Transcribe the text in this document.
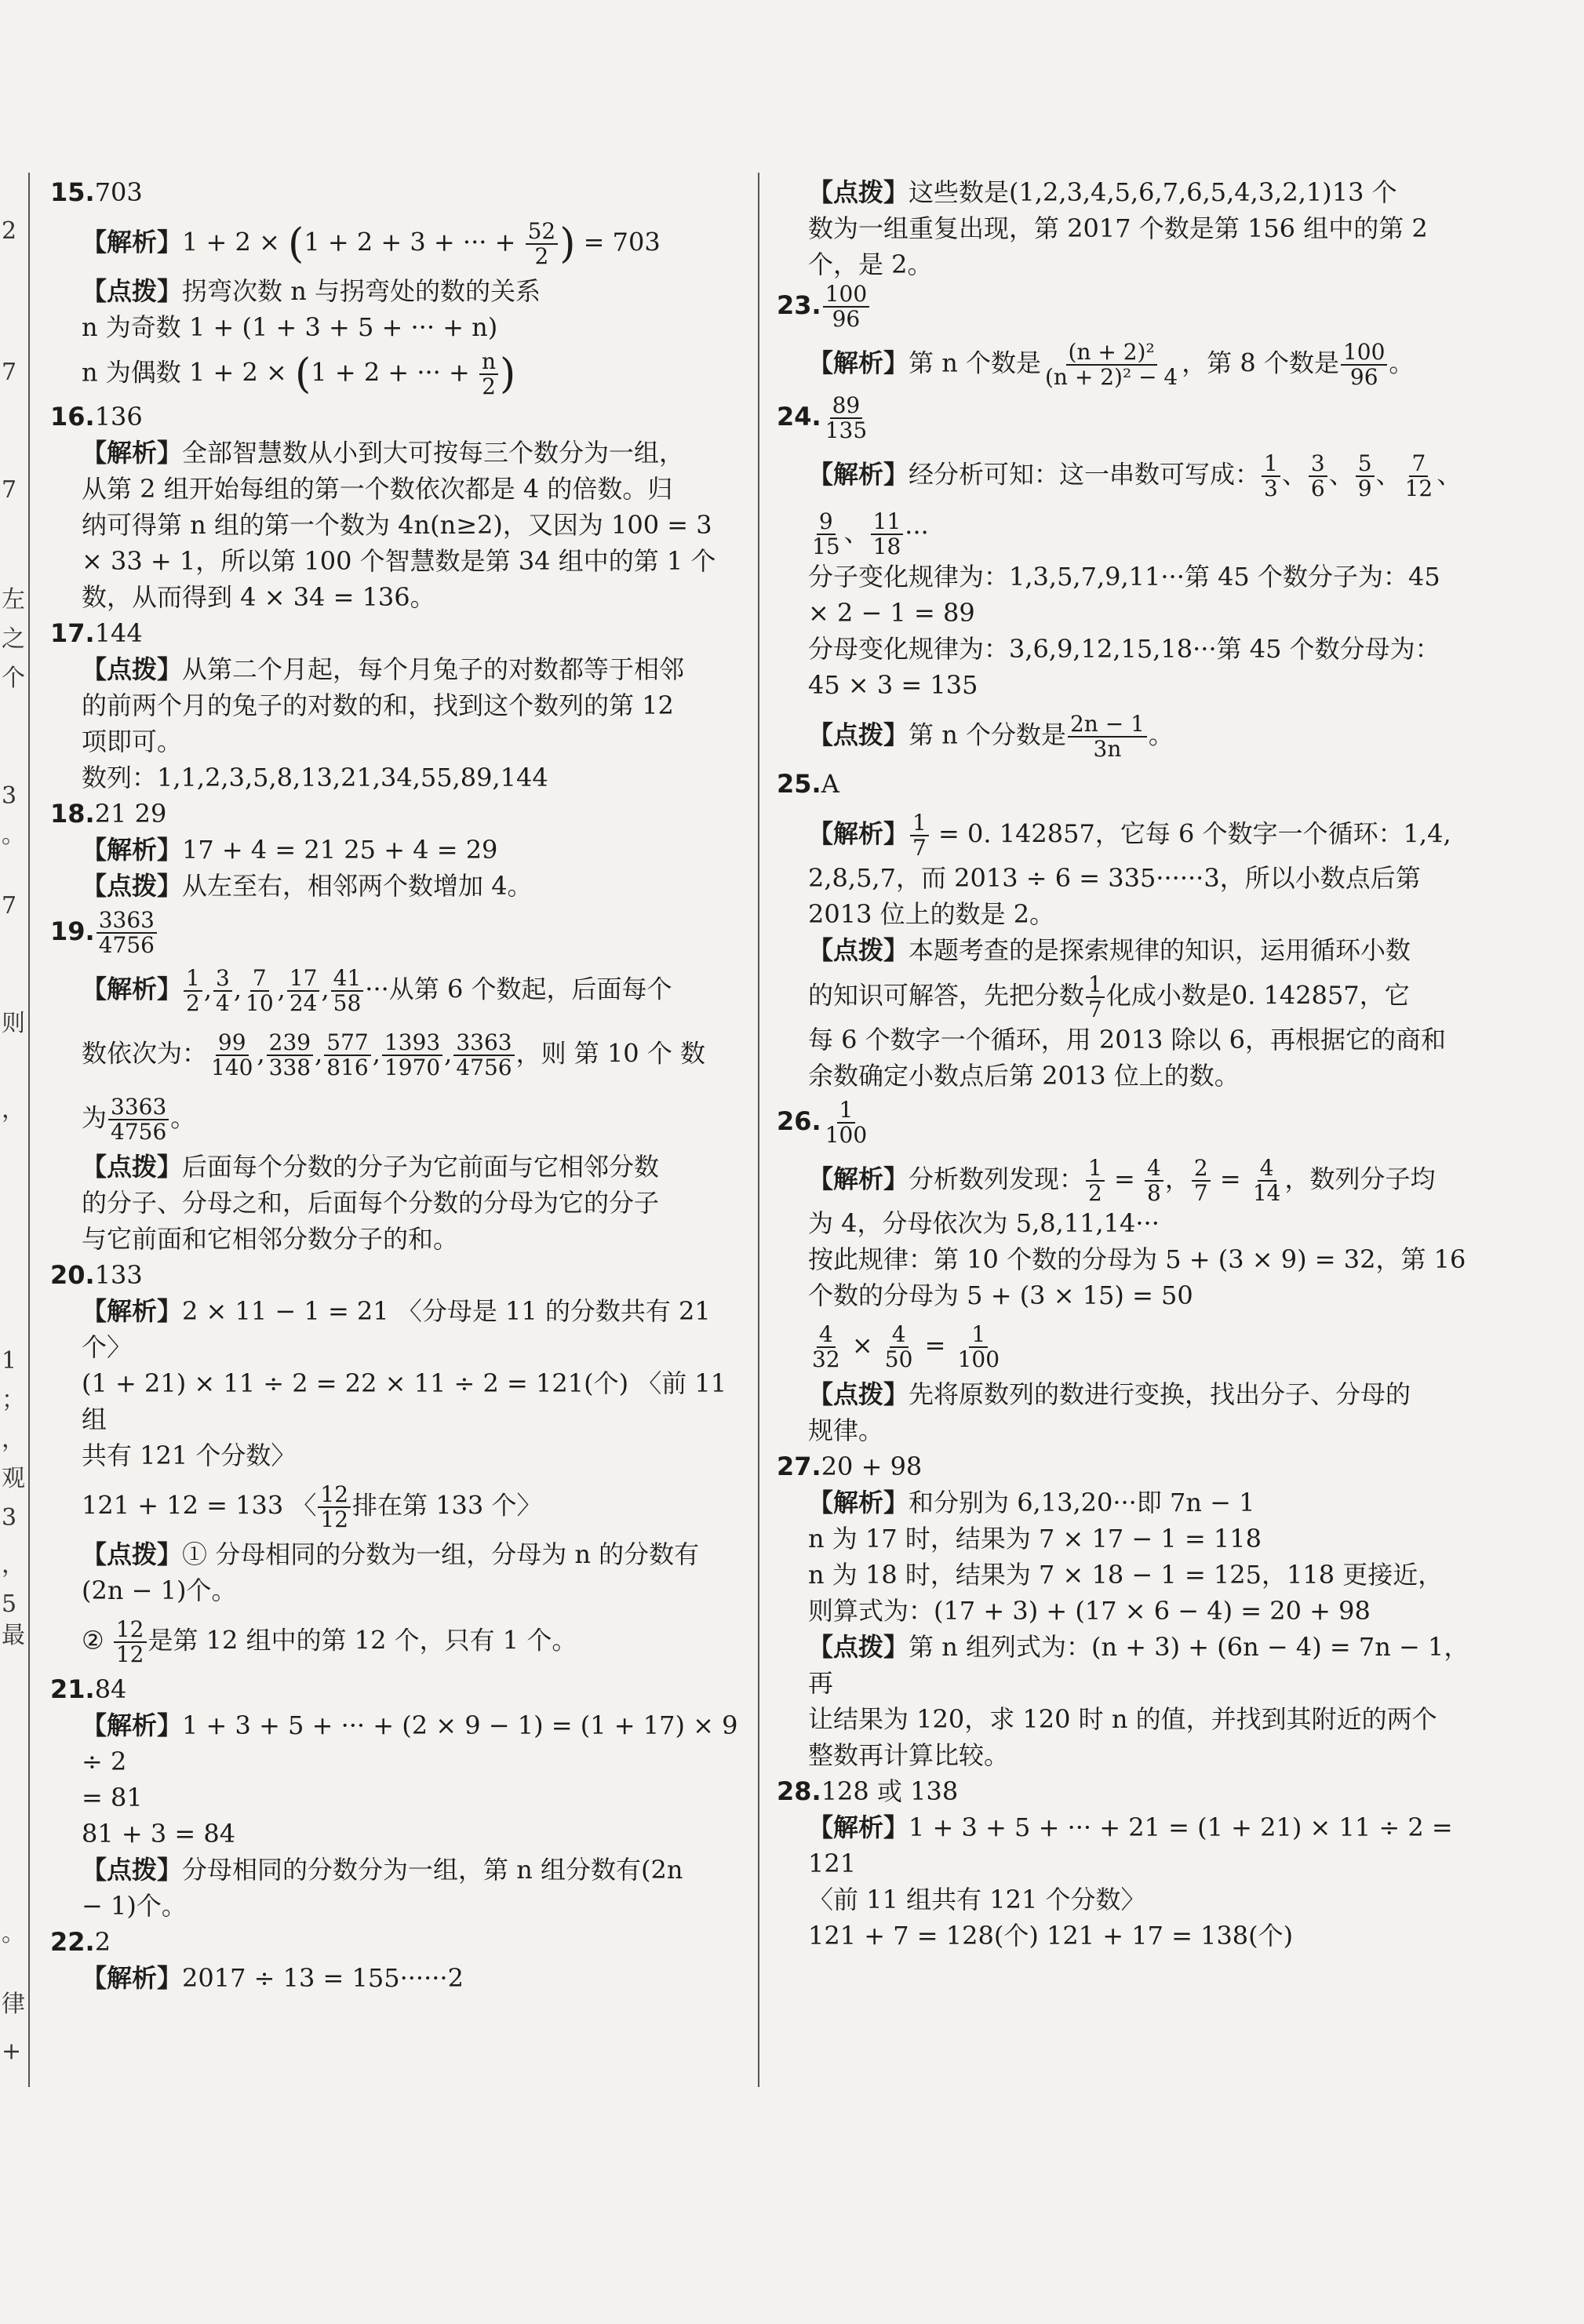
2
7
7
左
之
个
3
。
7
则
，
1
；
，
观
3
，
5
最
。
律
+

15.703

【解析】1 + 2 × (1 + 2 + 3 + ··· + $\frac{52}{2}$ ) = 703

【点拨】拐弯次数 n 与拐弯处的数的关系

n 为奇数 1 + (1 + 3 + 5 + ··· + n)

n 为偶数 1 + 2 × (1 + 2 + ··· + $\frac{n}{2}$ )

16.136

【解析】全部智慧数从小到大可按每三个数分为一组，

从第 2 组开始每组的第一个数依次都是 4 的倍数。归

纳可得第 n 组的第一个数为 4n(n≥2)，又因为 100 = 3

× 33 + 1，所以第 100 个智慧数是第 34 组中的第 1 个

数，从而得到 4 × 34 = 136。

17.144

【点拨】从第二个月起，每个月兔子的对数都等于相邻

的前两个月的兔子的对数的和，找到这个数列的第 12

项即可。

数列：1,1,2,3,5,8,13,21,34,55,89,144

18.21 29

【解析】17 + 4 = 21 25 + 4 = 29

【点拨】从左至右，相邻两个数增加 4。

19. $\frac{3363}{4756}$

【解析】 $\frac{1}{2}$ , $\frac{3}{4}$ , $\frac{7}{10}$ , $\frac{17}{24}$ , $\frac{41}{58}$ ···从第 6 个数起，后面每个

数依次为： $\frac{99}{140}$ , $\frac{239}{338}$ , $\frac{577}{816}$ , $\frac{1393}{1970}$ , $\frac{3363}{4756}$ ，则 第 10 个 数

为 $\frac{3363}{4756}$ 。

【点拨】后面每个分数的分子为它前面与它相邻分数

的分子、分母之和，后面每个分数的分母为它的分子

与它前面和它相邻分数分子的和。

20.133

【解析】2 × 11 − 1 = 21 〈分母是 11 的分数共有 21

个〉

(1 + 21) × 11 ÷ 2 = 22 × 11 ÷ 2 = 121(个) 〈前 11 组

共有 121 个分数〉

121 + 12 = 133 〈 $\frac{12}{12}$ 排在第 133 个〉

【点拨】① 分母相同的分数为一组，分母为 n 的分数有

(2n − 1)个。

② $\frac{12}{12}$ 是第 12 组中的第 12 个，只有 1 个。

21.84

【解析】1 + 3 + 5 + ··· + (2 × 9 − 1) = (1 + 17) × 9 ÷ 2

= 81

81 + 3 = 84

【点拨】分母相同的分数分为一组，第 n 组分数有(2n

− 1)个。

22.2

【解析】2017 ÷ 13 = 155······2

【点拨】这些数是(1,2,3,4,5,6,7,6,5,4,3,2,1)13 个

数为一组重复出现，第 2017 个数是第 156 组中的第 2

个，是 2。

23. $\frac{100}{96}$

【解析】第 n 个数是 $\frac{\text{(n + 2)²}}{\text{(n + 2)² − 4}}$ ，第 8 个数是 $\frac{100}{96}$ 。

24. $\frac{89}{135}$

【解析】经分析可知：这一串数可写成： $\frac{1}{3}$ 、 $\frac{3}{6}$ 、 $\frac{5}{9}$ 、 $\frac{7}{12}$ 、

$\frac{9}{15}$ 、 $\frac{11}{18}$ ···

分子变化规律为：1,3,5,7,9,11···第 45 个数分子为：45

× 2 − 1 = 89

分母变化规律为：3,6,9,12,15,18···第 45 个数分母为：

45 × 3 = 135

【点拨】第 n 个分数是 $\frac{2n - 1}{3n}$ 。

25.A

【解析】 $\frac{1}{7} = 0$. 142857，它每 6 个数字一个循环：1,4,

2,8,5,7，而 2013 ÷ 6 = 335······3，所以小数点后第

2013 位上的数是 2。

【点拨】本题考查的是探索规律的知识，运用循环小数

的知识可解答，先把分数 $\frac{1}{7}$ 化成小数是0. 142857，它

每 6 个数字一个循环，用 2013 除以 6，再根据它的商和

余数确定小数点后第 2013 位上的数。

26. $\frac{1}{100}$

【解析】分析数列发现： $\frac{1}{2} = \frac{4}{8}$ ， $\frac{2}{7} = \frac{4}{14}$ ，数列分子均

为 4，分母依次为 5,8,11,14···

按此规律：第 10 个数的分母为 5 + (3 × 9) = 32，第 16

个数的分母为 5 + (3 × 15) = 50

$\frac{4}{32} \times \frac{4}{50} = \frac{1}{100}$

【点拨】先将原数列的数进行变换，找出分子、分母的

规律。

27.20 + 98

【解析】和分别为 6,13,20···即 7n − 1

n 为 17 时，结果为 7 × 17 − 1 = 118

n 为 18 时，结果为 7 × 18 − 1 = 125，118 更接近，

则算式为：(17 + 3) + (17 × 6 − 4) = 20 + 98

【点拨】第 n 组列式为：(n + 3) + (6n − 4) = 7n − 1，再

让结果为 120，求 120 时 n 的值，并找到其附近的两个

整数再计算比较。

28.128 或 138

【解析】1 + 3 + 5 + ··· + 21 = (1 + 21) × 11 ÷ 2 = 121

〈前 11 组共有 121 个分数〉

121 + 7 = 128(个) 121 + 17 = 138(个)
